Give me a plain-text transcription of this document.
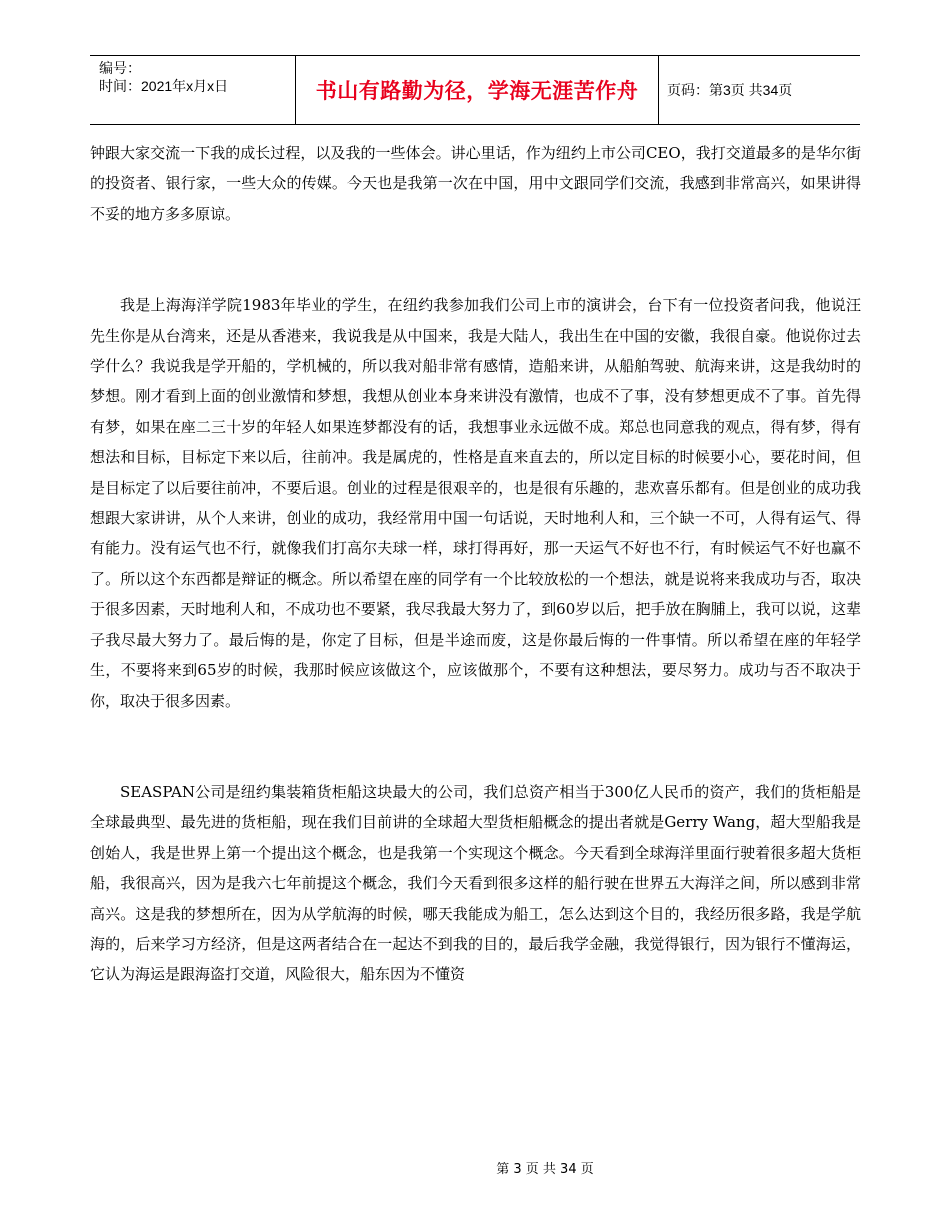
编号：
时间：2021年x月x日	书山有路勤为径，学海无涯苦作舟 页码：第3页 共34页

钟跟大家交流一下我的成长过程，以及我的一些体会。讲心里话，作为纽约上市公司CEO，我打交道最多的是华尔街的投资者、银行家，一些大众的传媒。今天也是我第一次在中国，用中文跟同学们交流，我感到非常高兴，如果讲得不妥的地方多多原谅。

我是上海海洋学院1983年毕业的学生，在纽约我参加我们公司上市的演讲会，台下有一位投资者问我，他说汪先生你是从台湾来，还是从香港来，我说我是从中国来，我是大陆人，我出生在中国的安徽，我很自豪。他说你过去学什么？我说我是学开船的，学机械的，所以我对船非常有感情，造船来讲，从船舶驾驶、航海来讲，这是我幼时的梦想。刚才看到上面的创业激情和梦想，我想从创业本身来讲没有激情，也成不了事，没有梦想更成不了事。首先得有梦，如果在座二三十岁的年轻人如果连梦都没有的话，我想事业永远做不成。郑总也同意我的观点，得有梦，得有想法和目标，目标定下来以后，往前冲。我是属虎的，性格是直来直去的，所以定目标的时候要小心，要花时间，但是目标定了以后要往前冲，不要后退。创业的过程是很艰辛的，也是很有乐趣的，悲欢喜乐都有。但是创业的成功我想跟大家讲讲，从个人来讲，创业的成功，我经常用中国一句话说，天时地利人和，三个缺一不可，人得有运气、得有能力。没有运气也不行，就像我们打高尔夫球一样，球打得再好，那一天运气不好也不行，有时候运气不好也赢不了。所以这个东西都是辩证的概念。所以希望在座的同学有一个比较放松的一个想法，就是说将来我成功与否，取决于很多因素，天时地利人和，不成功也不要紧，我尽我最大努力了，到60岁以后，把手放在胸脯上，我可以说，这辈子我尽最大努力了。最后悔的是，你定了目标，但是半途而废，这是你最后悔的一件事情。所以希望在座的年轻学生，不要将来到65岁的时候，我那时候应该做这个，应该做那个，不要有这种想法，要尽努力。成功与否不取决于你，取决于很多因素。

SEASPAN公司是纽约集装箱货柜船这块最大的公司，我们总资产相当于300亿人民币的资产，我们的货柜船是全球最典型、最先进的货柜船，现在我们目前讲的全球超大型货柜船概念的提出者就是Gerry Wang，超大型船我是创始人，我是世界上第一个提出这个概念，也是我第一个实现这个概念。今天看到全球海洋里面行驶着很多超大货柜船，我很高兴，因为是我六七年前提这个概念，我们今天看到很多这样的船行驶在世界五大海洋之间，所以感到非常高兴。这是我的梦想所在，因为从学航海的时候，哪天我能成为船工，怎么达到这个目的，我经历很多路，我是学航海的，后来学习方经济，但是这两者结合在一起达不到我的目的，最后我学金融，我觉得银行，因为银行不懂海运，它认为海运是跟海盗打交道，风险很大，船东因为不懂资

第 3 页 共 34 页
